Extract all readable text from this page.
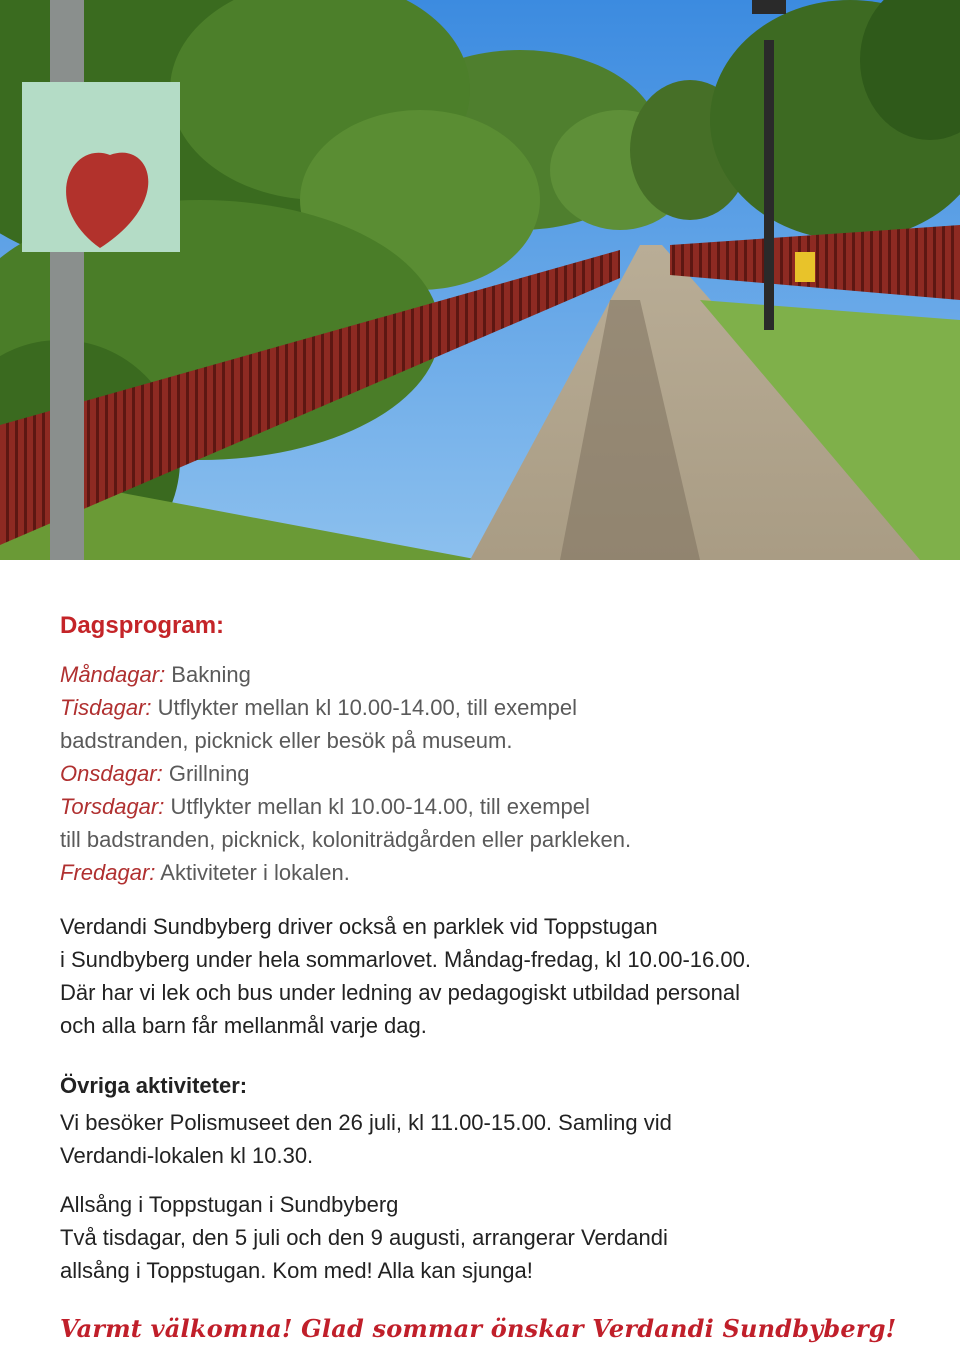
Dagsprogram:
Måndagar: Bakning
Tisdagar: Utflykter mellan kl 10.00-14.00, till exempel
badstranden, picknick eller besök på museum.
Onsdagar: Grillning
Torsdagar: Utflykter mellan kl 10.00-14.00, till exempel
till badstranden, picknick, koloniträdgården eller parkleken.
Fredagar: Aktiviteter i lokalen.
Verdandi Sundbyberg driver också en parklek vid Toppstugan
i Sundbyberg under hela sommarlovet. Måndag-fredag, kl 10.00-16.00.
Där har vi lek och bus under ledning av pedagogiskt utbildad personal
och alla barn får mellanmål varje dag.
Övriga aktiviteter:
Vi besöker Polismuseet den 26 juli, kl 11.00-15.00. Samling vid
Verdandi-lokalen kl 10.30.
Allsång i Toppstugan i Sundbyberg
Två tisdagar, den 5 juli och den 9 augusti, arrangerar Verdandi
allsång i Toppstugan. Kom med! Alla kan sjunga!
Varmt välkomna! Glad sommar önskar Verdandi Sundbyberg!
